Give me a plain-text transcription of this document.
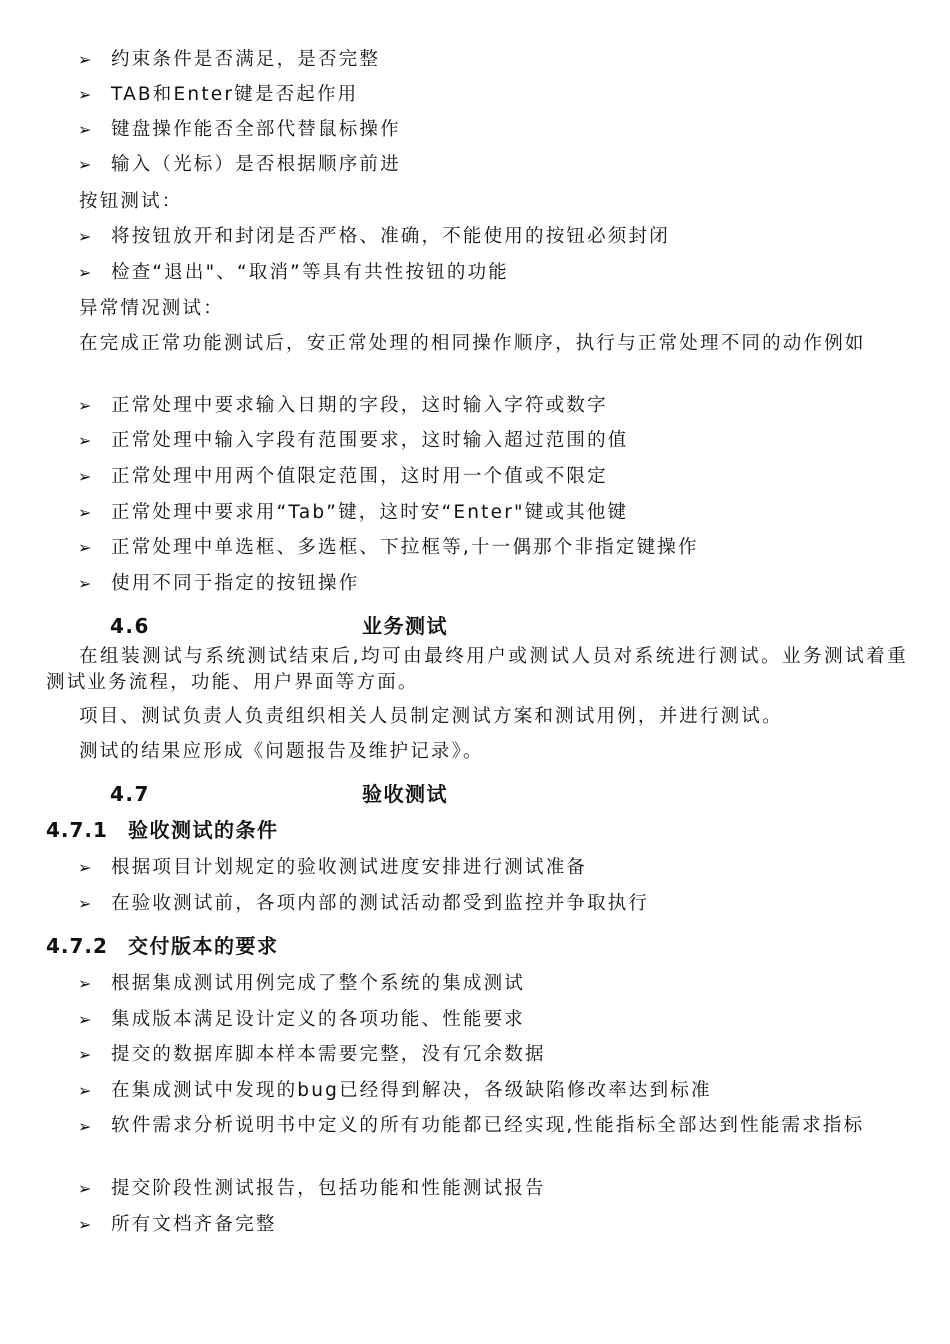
➢ 约束条件是否满足，是否完整
➢ TAB和Enter键是否起作用
➢ 键盘操作能否全部代替鼠标操作
➢ 输入（光标）是否根据顺序前进
按钮测试：
➢ 将按钮放开和封闭是否严格、准确，不能使用的按钮必须封闭
➢ 检查“退出"、“取消”等具有共性按钮的功能
异常情况测试：
在完成正常功能测试后，安正常处理的相同操作顺序，执行与正常处理不同的动作例如
➢ 正常处理中要求输入日期的字段，这时输入字符或数字
➢ 正常处理中输入字段有范围要求，这时输入超过范围的值
➢ 正常处理中用两个值限定范围，这时用一个值或不限定
➢ 正常处理中要求用“Tab”键，这时安“Enter"键或其他键
➢ 正常处理中单选框、多选框、下拉框等,十一偶那个非指定键操作
➢ 使用不同于指定的按钮操作
4.6	业务测试
在组装测试与系统测试结束后,均可由最终用户或测试人员对系统进行测试。业务测试着重测试业务流程，功能、用户界面等方面。
项目、测试负责人负责组织相关人员制定测试方案和测试用例，并进行测试。
测试的结果应形成《问题报告及维护记录》。
4.7	验收测试
4.7.1 验收测试的条件
➢ 根据项目计划规定的验收测试进度安排进行测试准备
➢ 在验收测试前，各项内部的测试活动都受到监控并争取执行
4.7.2 交付版本的要求
➢ 根据集成测试用例完成了整个系统的集成测试
➢ 集成版本满足设计定义的各项功能、性能要求
➢ 提交的数据库脚本样本需要完整，没有冗余数据
➢ 在集成测试中发现的bug已经得到解决，各级缺陷修改率达到标准
➢ 软件需求分析说明书中定义的所有功能都已经实现,性能指标全部达到性能需求指标
➢ 提交阶段性测试报告，包括功能和性能测试报告
➢ 所有文档齐备完整
